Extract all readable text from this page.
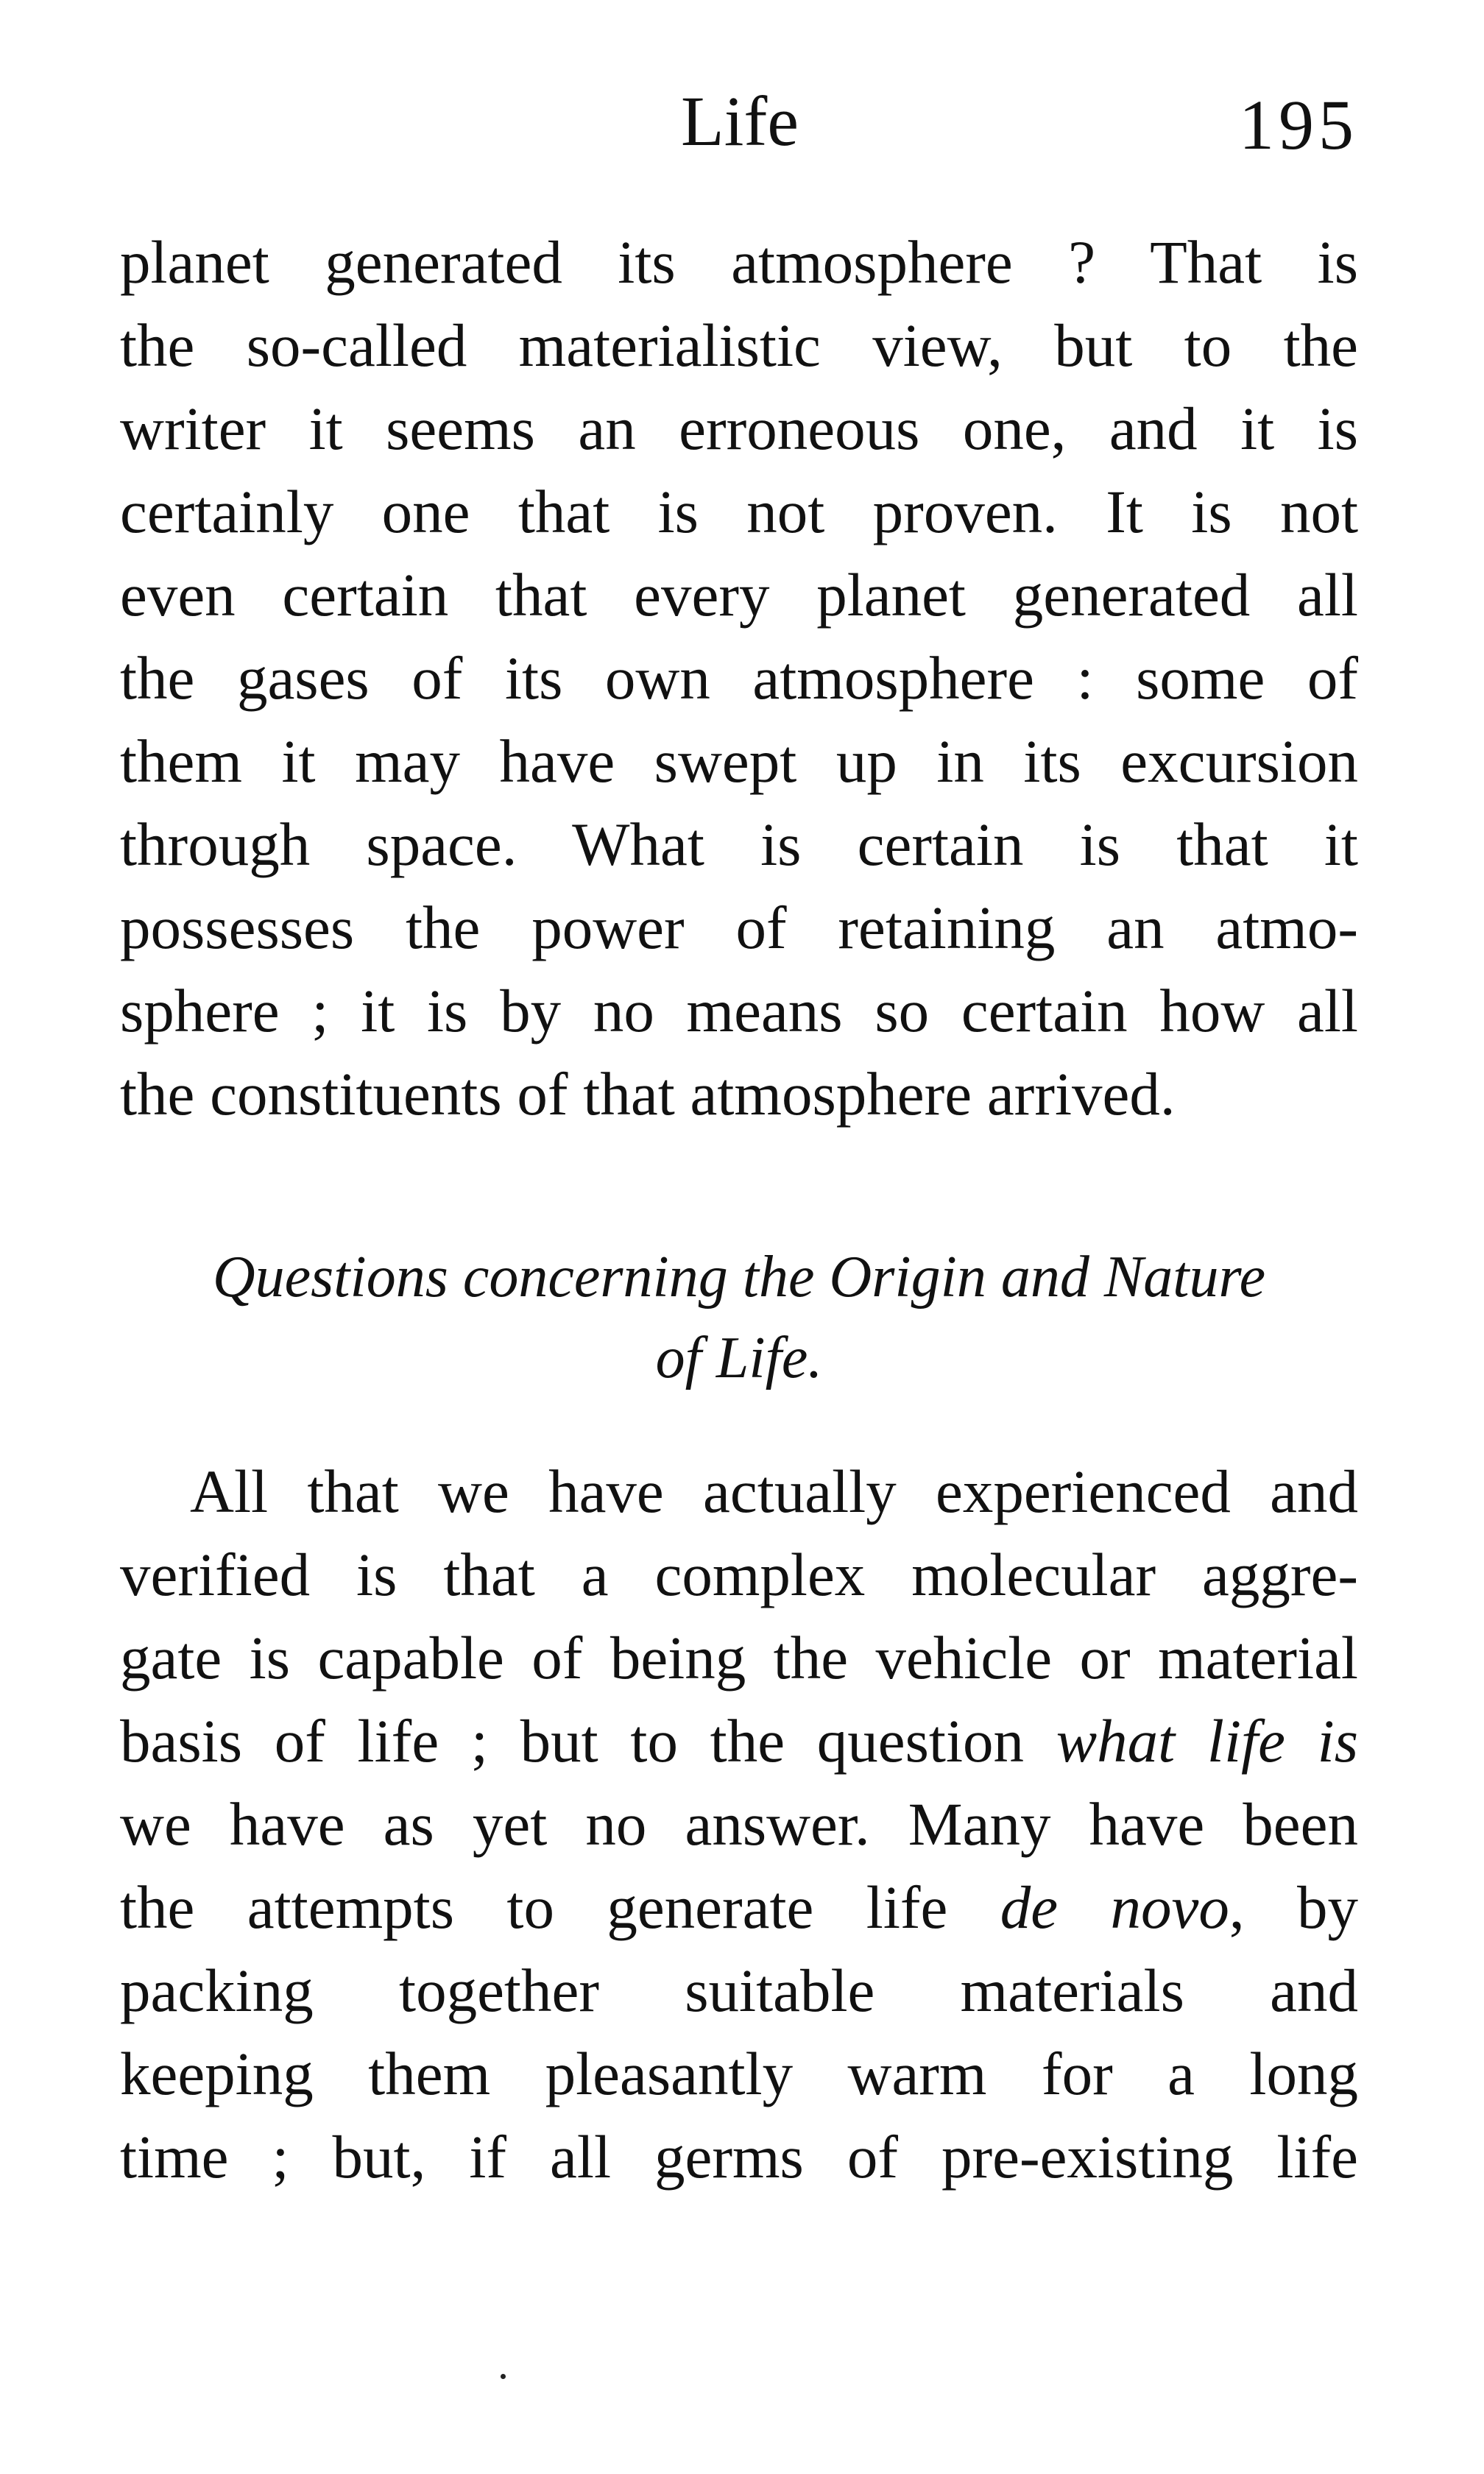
Life	195
planet generated its atmosphere ? That is
the so-called materialistic view, but to the
writer it seems an erroneous one, and it is
certainly one that is not proven. It is not
even certain that every planet generated all
the gases of its own atmosphere : some of
them it may have swept up in its excursion
through space. What is certain is that it
possesses the power of retaining an atmo-
sphere ; it is by no means so certain how all
the constituents of that atmosphere arrived.
Questions concerning the Origin and Nature
of Life.
All that we have actually experienced and
verified is that a complex molecular aggre-
gate is capable of being the vehicle or material
basis of life ; but to the question what life is
we have as yet no answer. Many have been
the attempts to generate life de novo, by
packing together suitable materials and
keeping them pleasantly warm for a long
time ; but, if all germs of pre-existing life
